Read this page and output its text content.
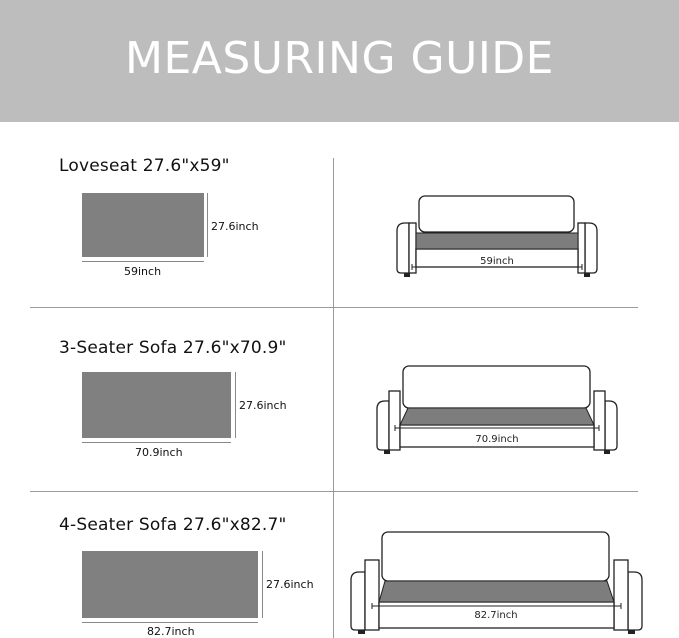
MEASURING GUIDE
Loveseat 27.6"x59"
27.6inch
59inch
59inch
3-Seater Sofa 27.6"x70.9"
27.6inch
70.9inch
70.9inch
4-Seater Sofa 27.6"x82.7"
27.6inch
82.7inch
82.7inch
